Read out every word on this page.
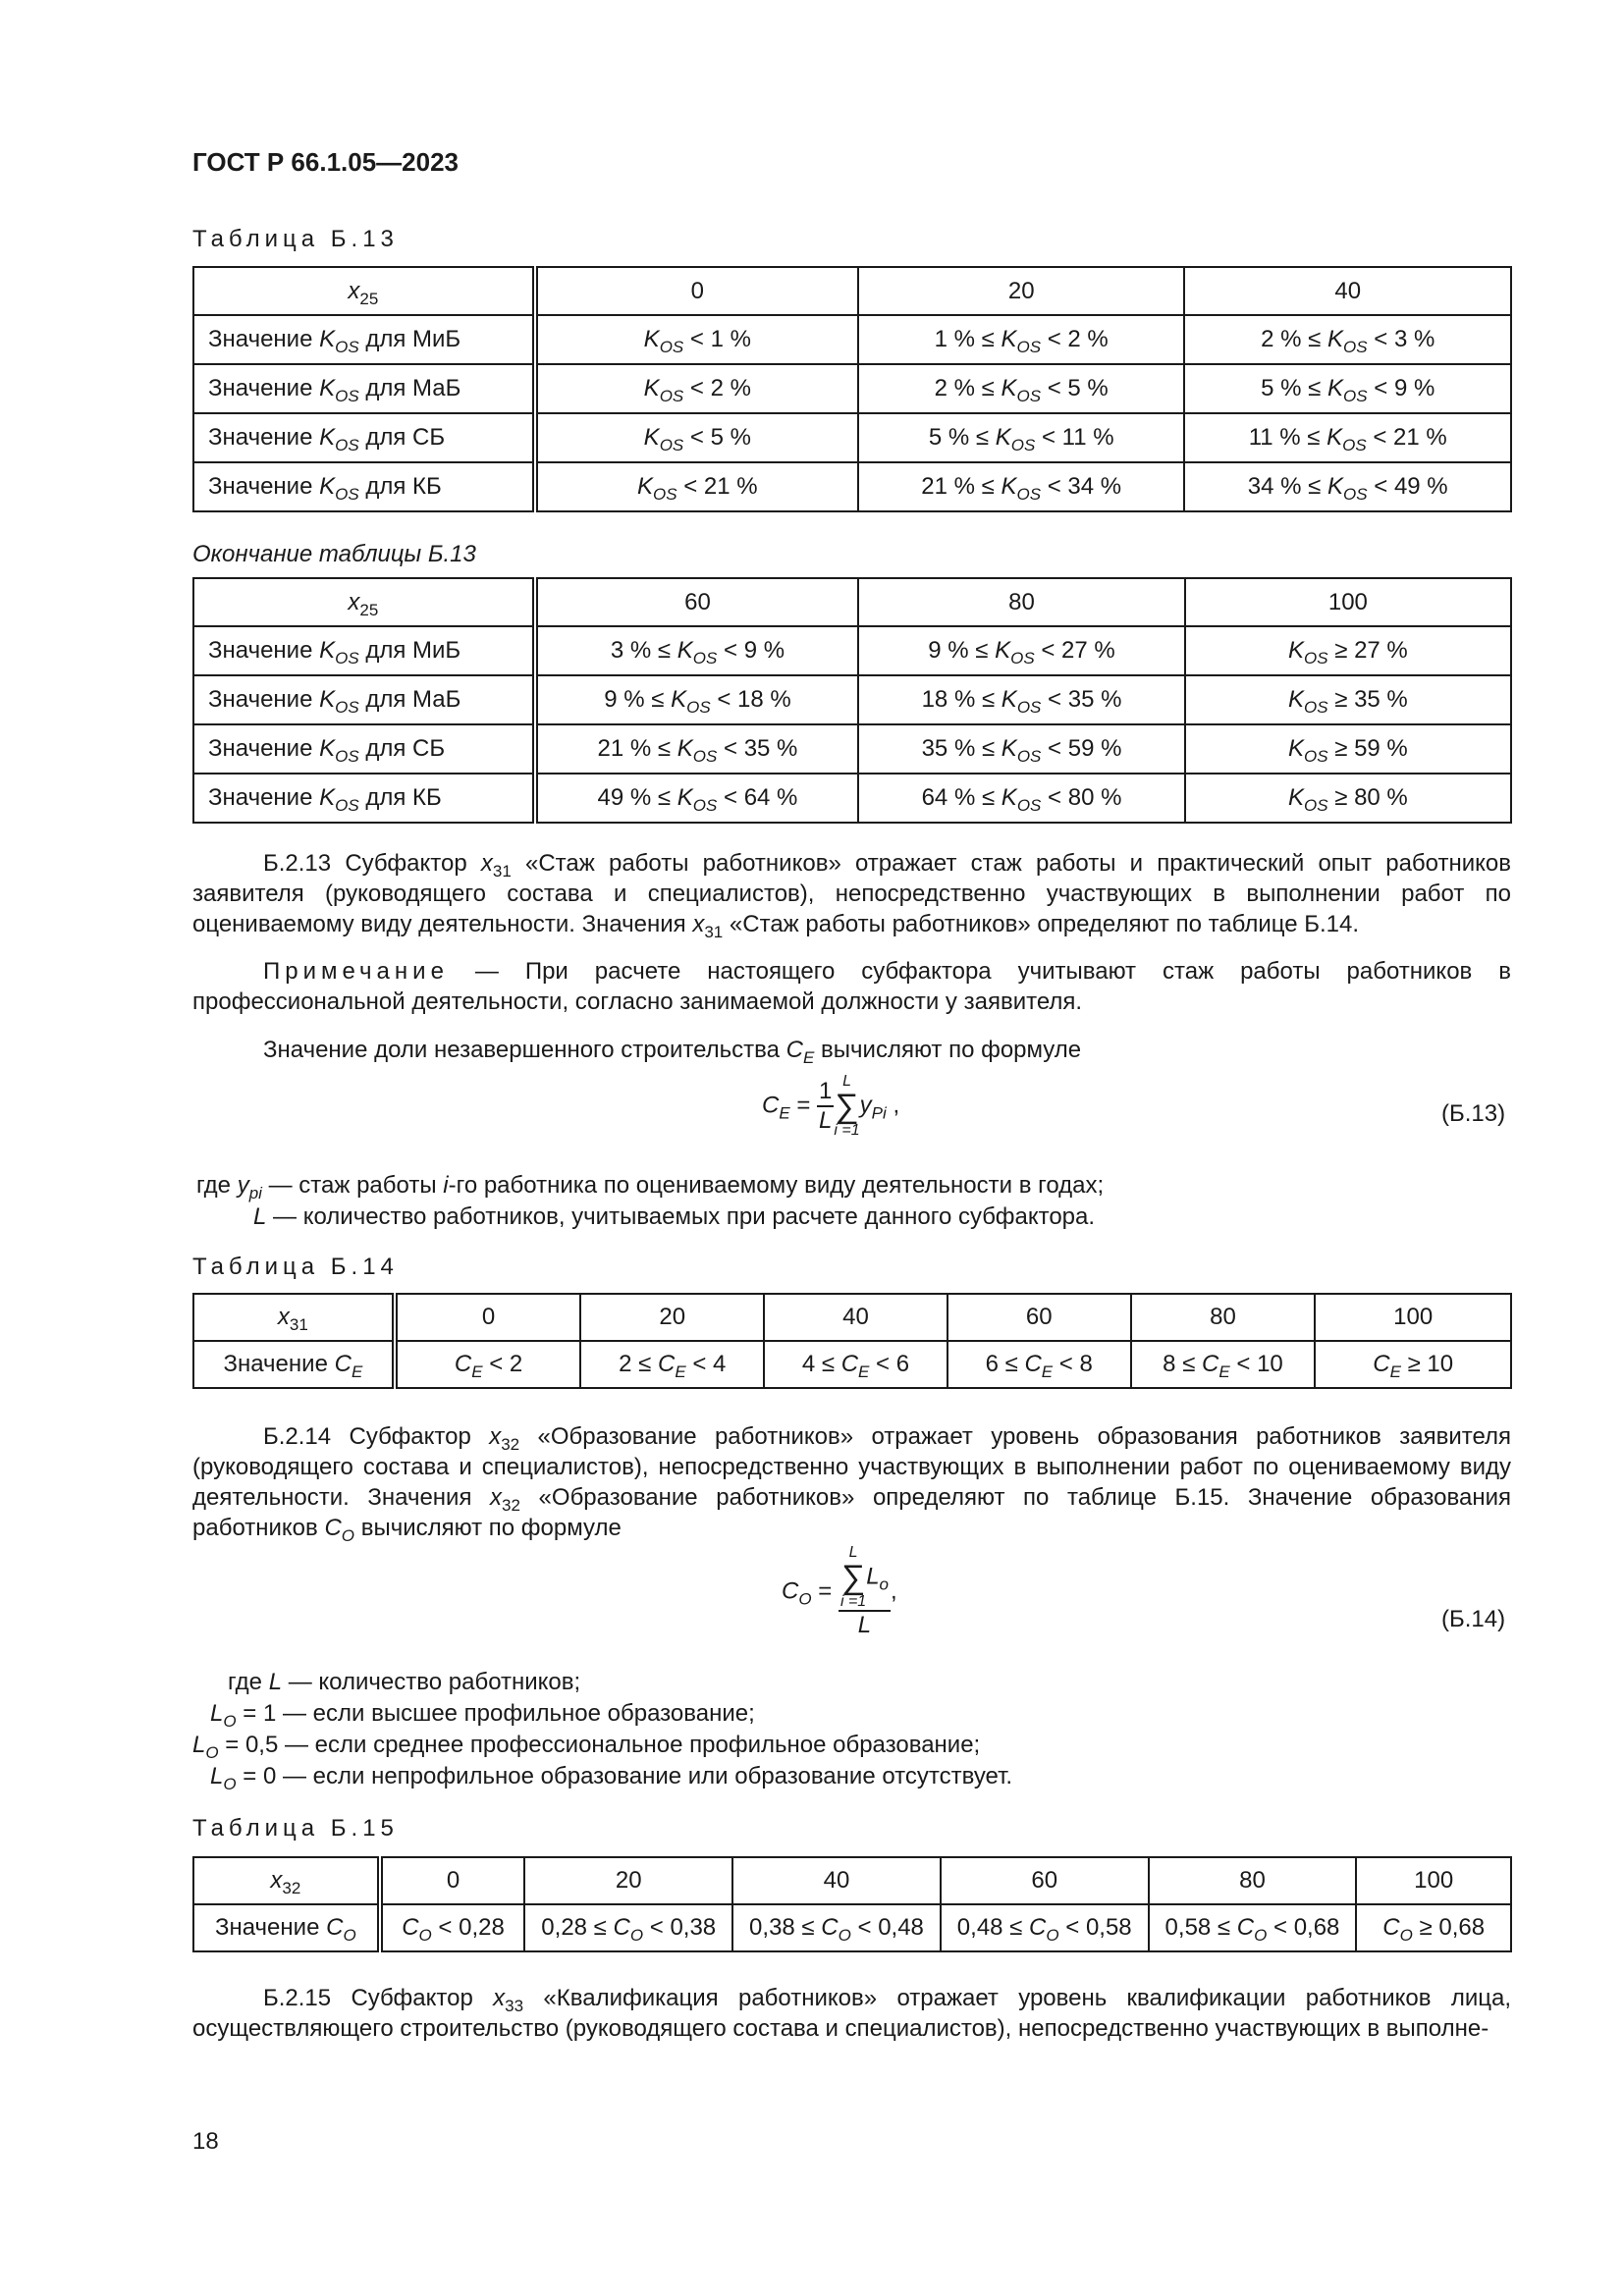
ГОСТ Р 66.1.05—2023
Таблица Б.13
$x_{25}$	0	20	40
Значение $K_{OS}$ для МиБ	$K_{OS} < 1$ %	1 % ≤ $K_{OS} < 2$ %	2 % ≤ $K_{OS} < 3$ %
Значение $K_{OS}$ для МаБ	$K_{OS} < 2$ %	2 % ≤ $K_{OS} < 5$ %	5 % ≤ $K_{OS} < 9$ %
Значение $K_{OS}$ для СБ	$K_{OS} < 5$ %	5 % ≤ $K_{OS} < 11$ %	11 % ≤ $K_{OS} < 21$ %
Значение $K_{OS}$ для КБ	$K_{OS} < 21$ %	21 % ≤ $K_{OS} < 34$ %	34 % ≤ $K_{OS} < 49$ %
Окончание таблицы Б.13
$x_{25}$	60	80	100
Значение $K_{OS}$ для МиБ	3 % ≤ $K_{OS} < 9$ %	9 % ≤ $K_{OS} < 27$ %	$K_{OS} \ge 27$ %
Значение $K_{OS}$ для МаБ	9 % ≤ $K_{OS} < 18$ %	18 % ≤ $K_{OS} < 35$ %	$K_{OS} \ge 35$ %
Значение $K_{OS}$ для СБ	21 % ≤ $K_{OS} < 35$ %	35 % ≤ $K_{OS} < 59$ %	$K_{OS} \ge 59$ %
Значение $K_{OS}$ для КБ	49 % ≤ $K_{OS} < 64$ %	64 % ≤ $K_{OS} < 80$ %	$K_{OS} \ge 80$ %
Б.2.13 Субфактор $x_{31}$ «Стаж работы работников» отражает стаж работы и практический опыт работников заявителя (руководящего состава и специалистов), непосредственно участвующих в выполнении работ по оцениваемому виду деятельности. Значения $x_{31}$ «Стаж работы работников» определяют по таблице Б.14.
Примечание — При расчете настоящего субфактора учитывают стаж работы работников в профессиональной деятельности, согласно занимаемой должности у заявителя.
Значение доли незавершенного строительства $C_E$ вычисляют по формуле
$C_E = \frac{1}{L}$ L
∑
i =1
$y_{Pi}$ ,	(Б.13)
где $y_{pi}$ — стаж работы i-го работника по оцениваемому виду деятельности в годах;
L — количество работников, учитываемых при расчете данного субфактора.
Таблица Б.14
$x_{31}$	0	20	40	60	80	100
Значение $C_E$	$C_E < 2$	$2 \le C_E < 4$	$4 \le C_E < 6$	$6 \le C_E < 8$	$8 \le C_E < 10$	$C_E \ge 10$
Б.2.14 Субфактор $x_{32}$ «Образование работников» отражает уровень образования работников заявителя (руководящего состава и специалистов), непосредственно участвующих в выполнении работ по оцениваемому виду деятельности. Значения $x_{32}$ «Образование работников» определяют по таблице Б.15. Значение образования работников $C_O$ вычисляют по формуле
$C_O = L$
∑
i =1
$L_o$
L ,
(Б.14)
где L — количество работников;
$L_O = 1$ — если высшее профильное образование;
$L_O = 0,5$ — если среднее профессиональное профильное образование;
$L_O = 0$ — если непрофильное образование или образование отсутствует.
Таблица Б.15
$x_{32}$	0	20	40	60	80	100
Значение $C_O$	$C_O < 0,28$	$0,28 \le C_O < 0,38$	$0,38 \le C_O < 0,48$	$0,48 \le C_O < 0,58$	$0,58 \le C_O < 0,68$	$C_O \ge 0,68$
Б.2.15 Субфактор $x_{33}$ «Квалификация работников» отражает уровень квалификации работников лица, осуществляющего строительство (руководящего состава и специалистов), непосредственно участвующих в выполне-
18
